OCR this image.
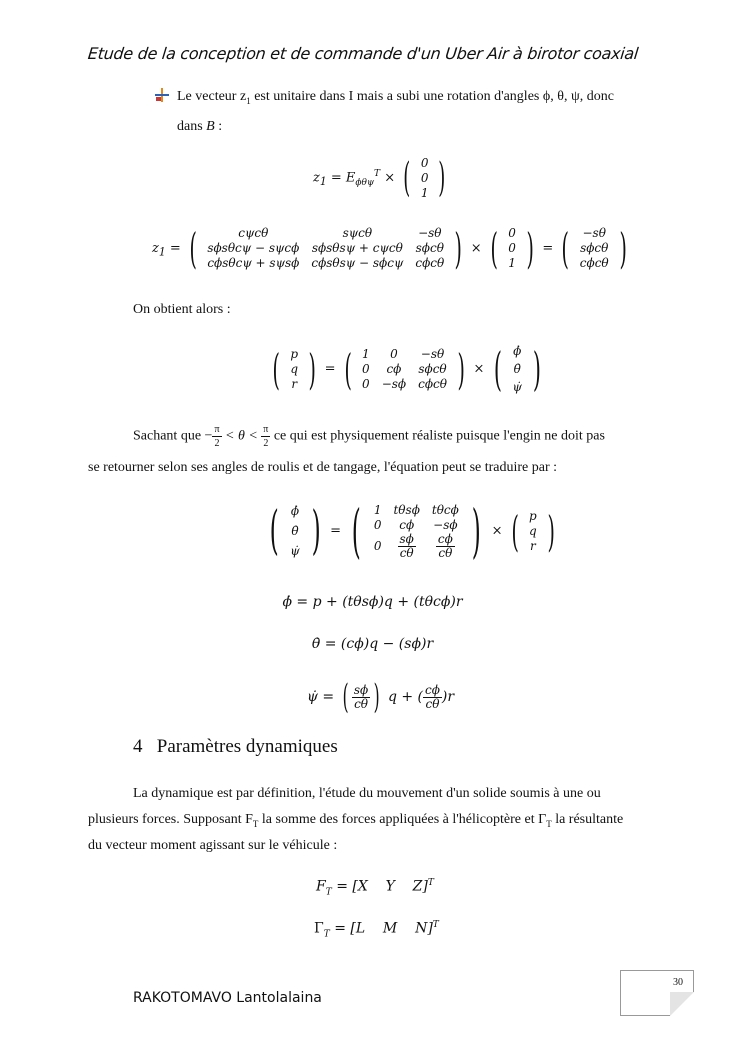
Etude de la conception et de commande d'un Uber Air à birotor coaxial
Le vecteur $z_1$ est unitaire dans I mais a subi une rotation d'angles ϕ, θ, ψ, donc
dans B :
$z_1 = E_{\phi\theta\psi}^T$ × ( 0
0
1 )
$z_1$ = (	cψcθ	sψcθ	−sθ
sϕsθcψ − sψcϕ	sϕsθsψ + cψcθ	sϕcθ
cϕsθcψ + sψsϕ	cϕsθsψ − sϕcψ	cϕcθ ) × ( 0
0
1 ) = ( −sθ
sϕcθ
cϕcθ )
On obtient alors :
( p
q
r ) = ( 1	0	−sθ
0	cϕ	sϕcθ
0	−sϕ	cϕcθ ) × ( ϕ̇
θ̇
ψ̇ )
Sachant que − $\frac{\pi}{2} < \theta < \frac{\pi}{2}$ ce qui est physiquement réaliste puisque l'engin ne doit pas
se retourner selon ses angles de roulis et de tangage, l'équation peut se traduire par :
( ϕ̇
θ̇
ψ̇ ) = ( 1	tθsϕ	tθcϕ
0	cϕ	−sϕ
0	$\frac{s\phi}{c\theta}$	$\frac{c\phi}{c\theta}$ ) × ( p
q
r )
ϕ̇ = p + (tθsϕ)q + (tθcϕ)r
θ̇ = (cϕ)q − (sϕ)r
ψ̇ = ( $\frac{s\phi}{c\theta}$ ) q + ( $\frac{c\phi}{c\theta} )r$
4 Paramètres dynamiques
La dynamique est par définition, l'étude du mouvement d'un solide soumis à une ou
plusieurs forces. Supposant $F_T$ la somme des forces appliquées à l'hélicoptère et $\Gamma_T$ la résultante
du vecteur moment agissant sur le véhicule :
$F_T = [X$    Y    Z]$^T$
$\Gamma_T = [L$    M    N]$^T$
30
RAKOTOMAVO Lantolalaina
